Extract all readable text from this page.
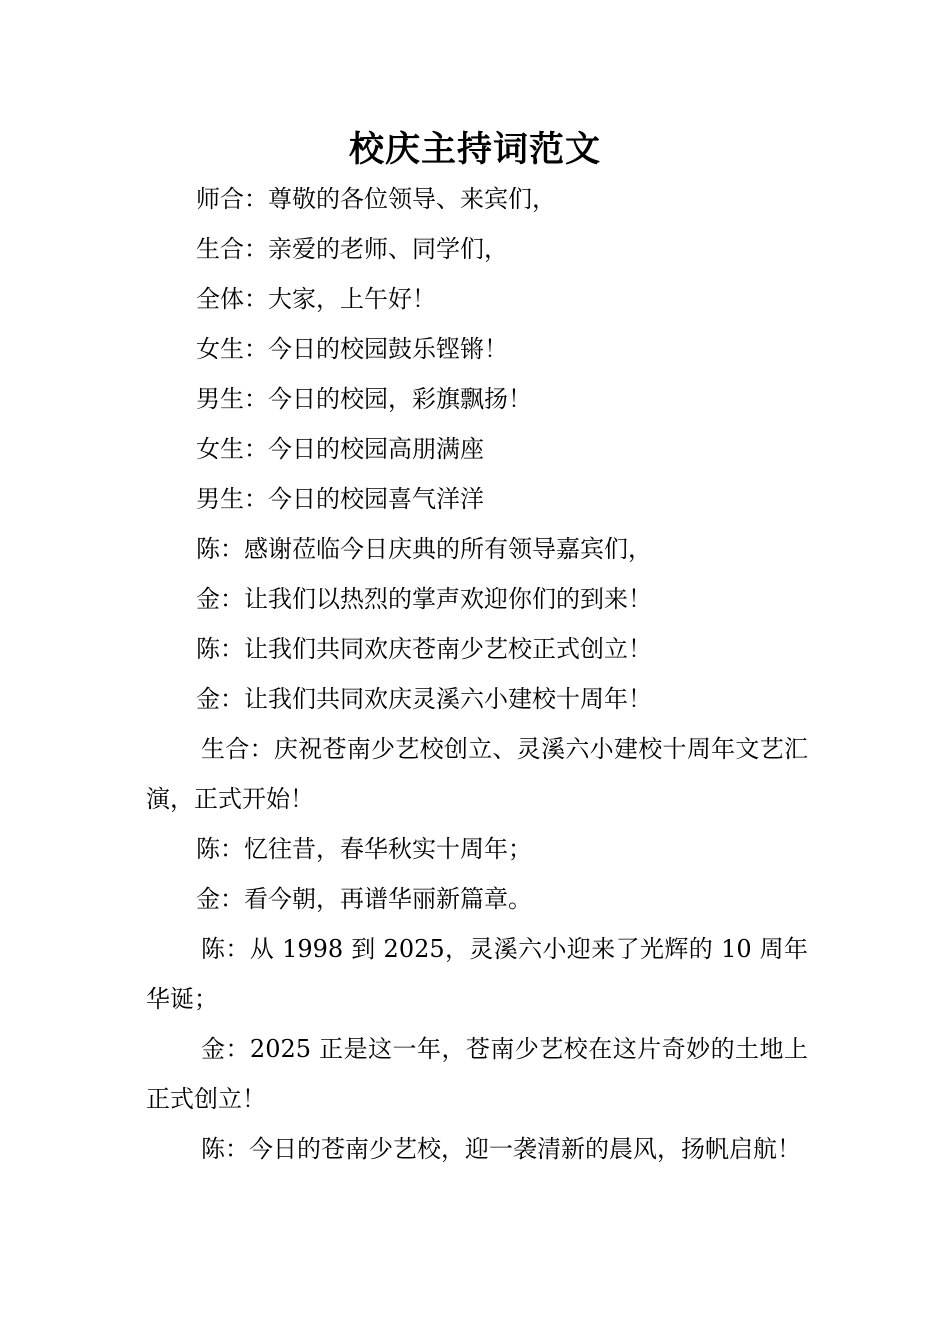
校庆主持词范文

师合：尊敬的各位领导、来宾们，

生合：亲爱的老师、同学们，

全体：大家，上午好！

女生：今日的校园鼓乐铿锵！

男生：今日的校园，彩旗飘扬！

女生：今日的校园高朋满座

男生：今日的校园喜气洋洋

陈：感谢莅临今日庆典的所有领导嘉宾们，

金：让我们以热烈的掌声欢迎你们的到来！

陈：让我们共同欢庆苍南少艺校正式创立！

金：让我们共同欢庆灵溪六小建校十周年！

生合：庆祝苍南少艺校创立、灵溪六小建校十周年文艺汇演，正式开始！

陈：忆往昔，春华秋实十周年；

金：看今朝，再谱华丽新篇章。

陈：从 1998 到 2025，灵溪六小迎来了光辉的 10 周年华诞；

金：2025 正是这一年，苍南少艺校在这片奇妙的土地上正式创立！

陈：今日的苍南少艺校，迎一袭清新的晨风，扬帆启航！
